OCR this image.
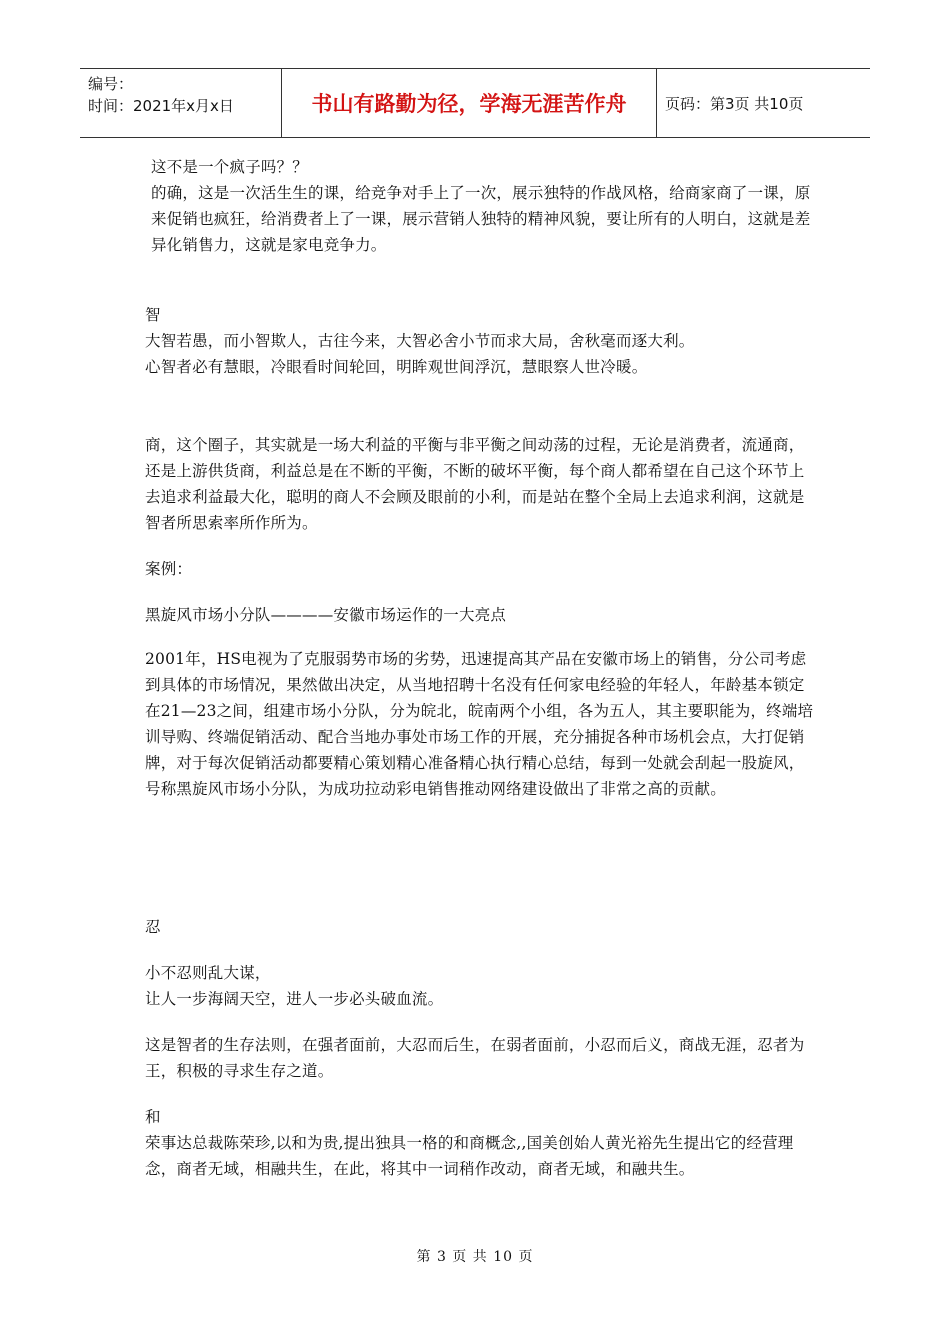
编号：
时间：2021年x月x日	书山有路勤为径，学海无涯苦作舟	页码：第3页 共10页

这不是一个疯子吗？？

的确，这是一次活生生的课，给竞争对手上了一次，展示独特的作战风格，给商家商了一课，原来促销也疯狂，给消费者上了一课，展示营销人独特的精神风貌，要让所有的人明白，这就是差异化销售力，这就是家电竞争力。

智

大智若愚，而小智欺人，古往今来，大智必舍小节而求大局，舍秋毫而逐大利。

心智者必有慧眼，冷眼看时间轮回，明眸观世间浮沉，慧眼察人世冷暖。

商，这个圈子，其实就是一场大利益的平衡与非平衡之间动荡的过程，无论是消费者，流通商，还是上游供货商，利益总是在不断的平衡，不断的破坏平衡，每个商人都希望在自己这个环节上去追求利益最大化，聪明的商人不会顾及眼前的小利，而是站在整个全局上去追求利润，这就是智者所思索率所作所为。

案例：

黑旋风市场小分队————安徽市场运作的一大亮点

2001年，HS电视为了克服弱势市场的劣势，迅速提高其产品在安徽市场上的销售，分公司考虑到具体的市场情况，果然做出决定，从当地招聘十名没有任何家电经验的年轻人，年龄基本锁定在21—23之间，组建市场小分队，分为皖北，皖南两个小组，各为五人，其主要职能为，终端培训导购、终端促销活动、配合当地办事处市场工作的开展，充分捕捉各种市场机会点，大打促销牌，对于每次促销活动都要精心策划精心准备精心执行精心总结，每到一处就会刮起一股旋风，号称黑旋风市场小分队，为成功拉动彩电销售推动网络建设做出了非常之高的贡献。

忍

小不忍则乱大谋，

让人一步海阔天空，进人一步必头破血流。

这是智者的生存法则，在强者面前，大忍而后生，在弱者面前，小忍而后义，商战无涯，忍者为王，积极的寻求生存之道。

和

荣事达总裁陈荣珍,以和为贵,提出独具一格的和商概念,,国美创始人黄光裕先生提出它的经营理念，商者无域，相融共生，在此，将其中一词稍作改动，商者无域，和融共生。

第 3 页 共 10 页
